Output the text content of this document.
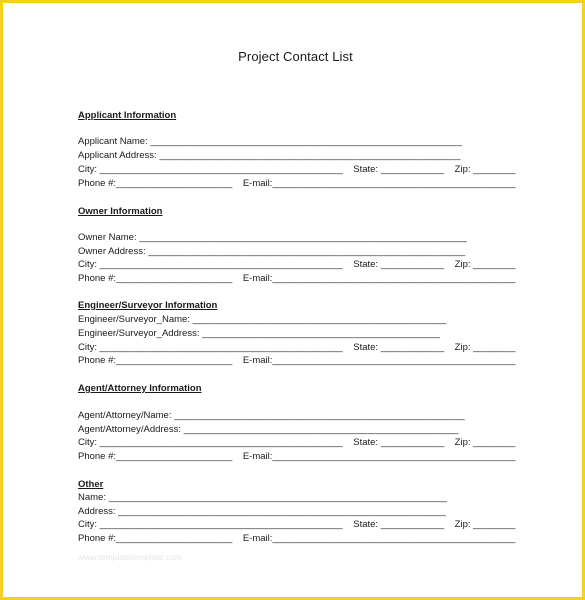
Project Contact List
Applicant Information
Applicant Name: ___________________________________________________________
Applicant Address: _________________________________________________________
City: ______________________________________________    State: ____________    Zip: ________
Phone #:______________________    E-mail:______________________________________________
Owner Information
Owner Name: ______________________________________________________________
Owner Address: ____________________________________________________________
City: ______________________________________________    State: ____________    Zip: ________
Phone #:______________________    E-mail:______________________________________________
Engineer/Surveyor Information
Engineer/Surveyor_Name: ________________________________________________
Engineer/Surveyor_Address: _____________________________________________
City: ______________________________________________    State: ____________    Zip: ________
Phone #:______________________    E-mail:______________________________________________
Agent/Attorney Information
Agent/Attorney/Name: _______________________________________________________
Agent/Attorney/Address: ____________________________________________________
City: ______________________________________________    State: ____________    Zip: ________
Phone #:______________________    E-mail:______________________________________________
Other
Name: ________________________________________________________________
Address: ______________________________________________________________
City: ______________________________________________    State: ____________    Zip: ________
Phone #:______________________    E-mail:______________________________________________
www.templatetemplate.com
